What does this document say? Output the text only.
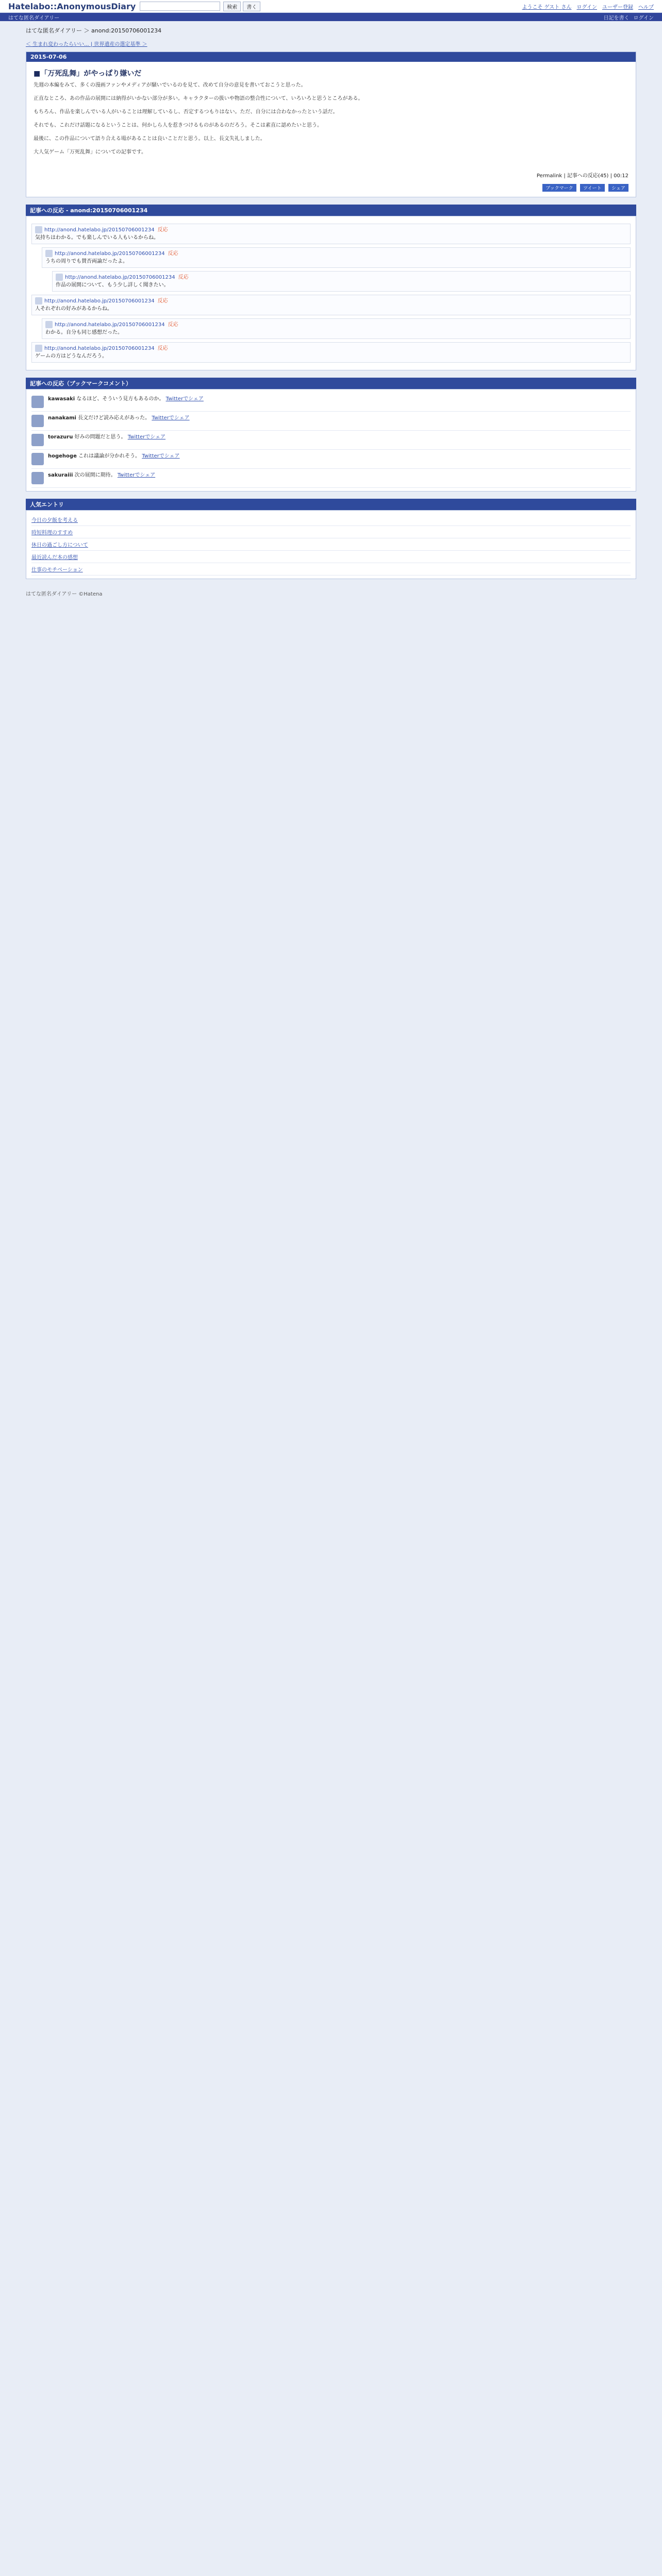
Hatelabo::AnonymousDiary	検索	書く	ようこそ ゲスト さん ログイン ユーザー登録 ヘルプ
はてな匿名ダイアリー	日記を書く ログイン
はてな匿名ダイアリー ＞ anond:20150706001234
＜ 生まれ変わったらいい... | 世界遺産の選定基準 ＞
2015-07-06
■「万死乱舞」がやっぱり嫌いだ

先週の本編をみて、多くの漫画ファンやメディアが騒いでいるのを見て、改めて自分の意見を書いておこうと思った。

正直なところ、あの作品の展開には納得がいかない部分が多い。キャラクターの扱いや物語の整合性について、いろいろと思うところがある。

もちろん、作品を楽しんでいる人がいることは理解しているし、否定するつもりはない。ただ、自分には合わなかったという話だ。

それでも、これだけ話題になるということは、何かしら人を惹きつけるものがあるのだろう。そこは素直に認めたいと思う。

最後に、この作品について語り合える場があることは良いことだと思う。以上、長文失礼しました。

大人気ゲーム「万死乱舞」についての記事です。

Permalink | 記事への反応(45) | 00:12
ブックマーク ツイート シェア
記事への反応 - anond:20150706001234
http://anond.hatelabo.jp/20150706001234 反応
気持ちはわかる。でも楽しんでいる人もいるからね。
http://anond.hatelabo.jp/20150706001234 反応
うちの周りでも賛否両論だったよ。
http://anond.hatelabo.jp/20150706001234 反応
作品の展開について、もう少し詳しく聞きたい。
http://anond.hatelabo.jp/20150706001234 反応
人それぞれの好みがあるからね。
http://anond.hatelabo.jp/20150706001234 反応
わかる。自分も同じ感想だった。
http://anond.hatelabo.jp/20150706001234 反応
ゲームの方はどうなんだろう。
記事への反応（ブックマークコメント）
kawasaki なるほど、そういう見方もあるのか。 Twitterでシェア
nanakami 長文だけど読み応えがあった。 Twitterでシェア
torazuru 好みの問題だと思う。 Twitterでシェア
hogehoge これは議論が分かれそう。 Twitterでシェア
sakuraiii 次の展開に期待。 Twitterでシェア
人気エントリ
今日の夕飯を考える
時短料理のすすめ
休日の過ごし方について
最近読んだ本の感想
仕事のモチベーション
はてな匿名ダイアリー ©Hatena
